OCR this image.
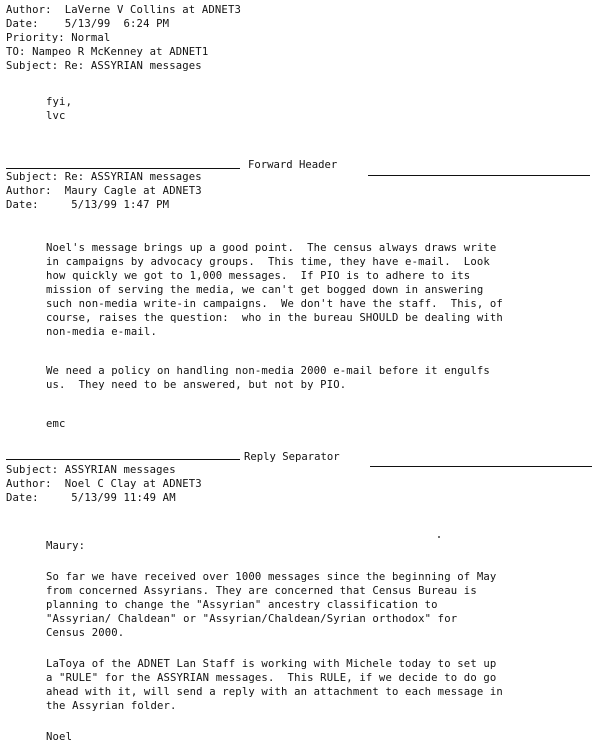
Author:  LaVerne V Collins at ADNET3
Date:    5/13/99  6:24 PM
Priority: Normal
TO: Nampeo R McKenney at ADNET1
Subject: Re: ASSYRIAN messages
fyi,
lvc
Forward Header
Subject: Re: ASSYRIAN messages
Author:  Maury Cagle at ADNET3
Date:     5/13/99 1:47 PM
Noel's message brings up a good point.  The census always draws write
in campaigns by advocacy groups.  This time, they have e-mail.  Look
how quickly we got to 1,000 messages.  If PIO is to adhere to its
mission of serving the media, we can't get bogged down in answering
such non-media write-in campaigns.  We don't have the staff.  This, of
course, raises the question:  who in the bureau SHOULD be dealing with
non-media e-mail.
We need a policy on handling non-media 2000 e-mail before it engulfs
us.  They need to be answered, but not by PIO.
emc
Reply Separator
Subject: ASSYRIAN messages
Author:  Noel C Clay at ADNET3
Date:     5/13/99 11:49 AM
Maury:
So far we have received over 1000 messages since the beginning of May
from concerned Assyrians. They are concerned that Census Bureau is
planning to change the "Assyrian" ancestry classification to
"Assyrian/ Chaldean" or "Assyrian/Chaldean/Syrian orthodox" for
Census 2000.
LaToya of the ADNET Lan Staff is working with Michele today to set up
a "RULE" for the ASSYRIAN messages.  This RULE, if we decide to do go
ahead with it, will send a reply with an attachment to each message in
the Assyrian folder.
Noel
